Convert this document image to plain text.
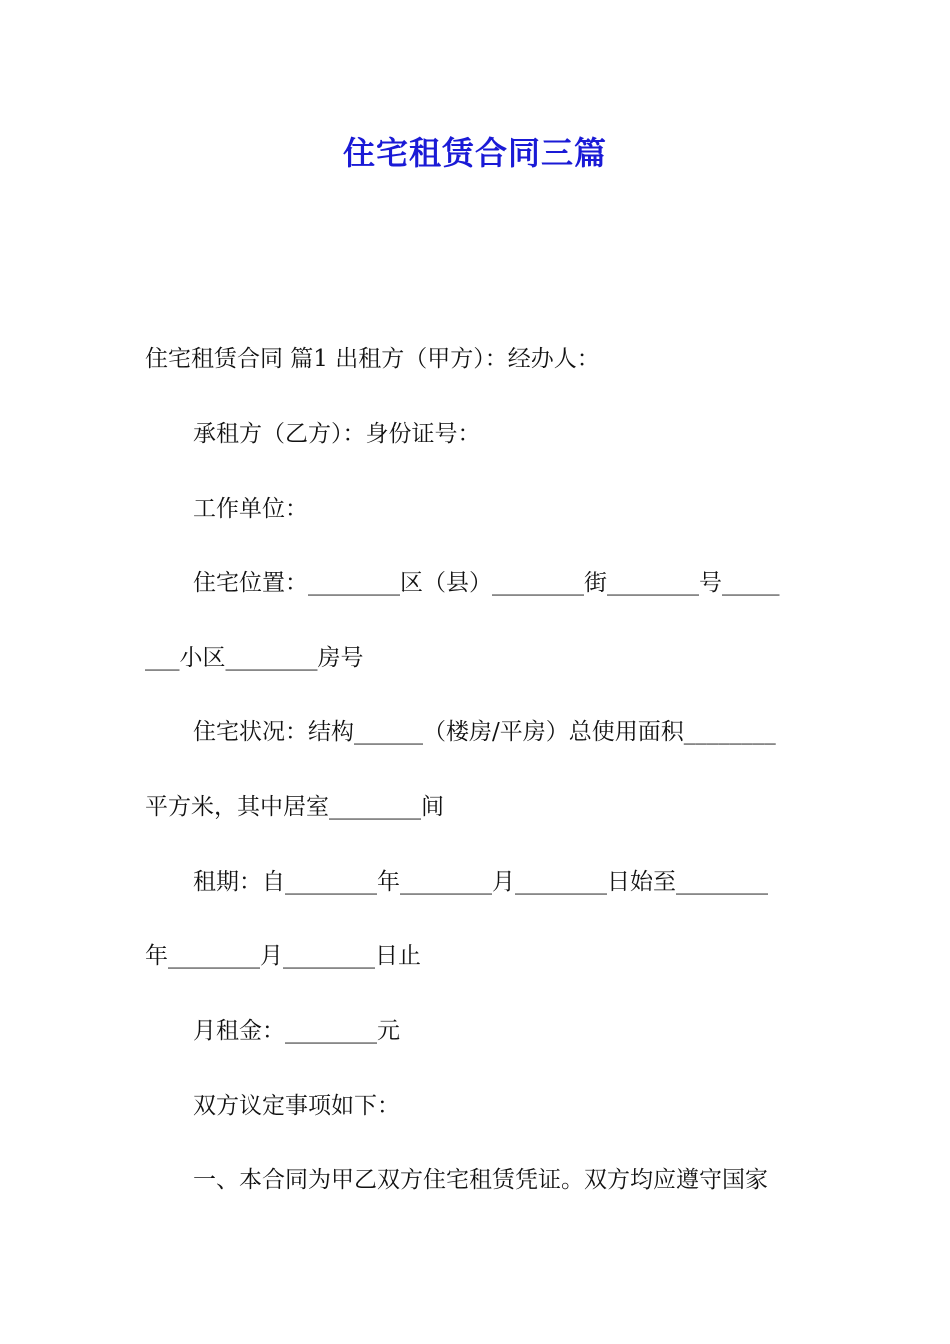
住宅租赁合同三篇
住宅租赁合同 篇1 出租方（甲方）：经办人：
承租方（乙方）：身份证号：
工作单位：
住宅位置：________区（县）________街________号_____
___小区________房号
住宅状况：结构______（楼房/平房）总使用面积________
平方米，其中居室________间
租期：自________年________月________日始至________
年________月________日止
月租金：________元
双方议定事项如下：
一、本合同为甲乙双方住宅租赁凭证。双方均应遵守国家
